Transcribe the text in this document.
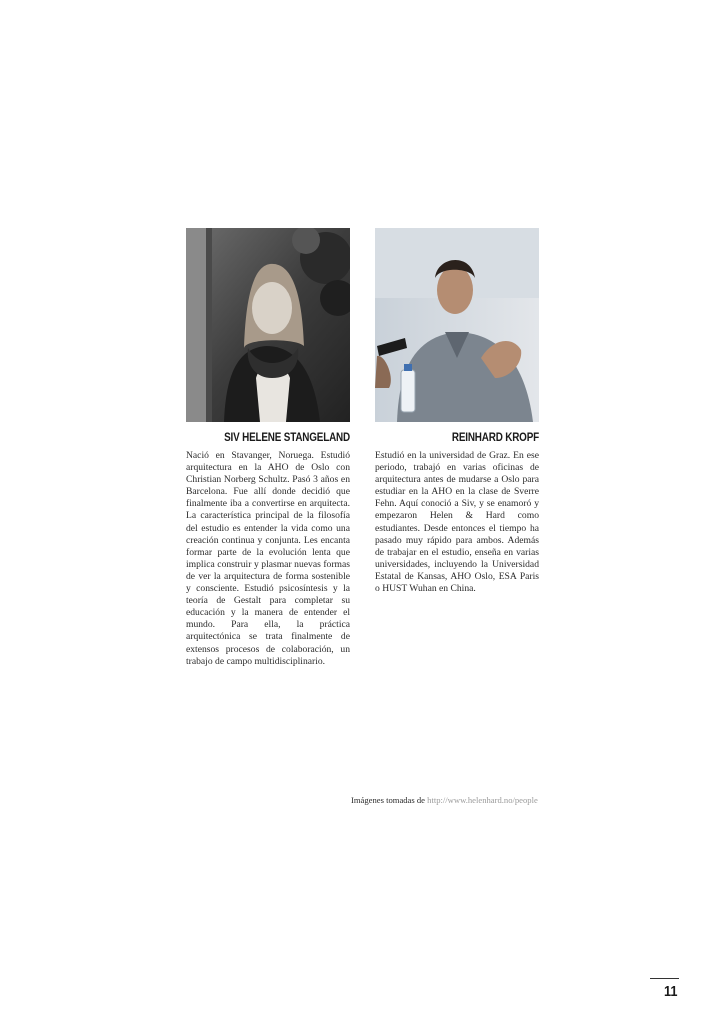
SIV HELENE STANGELAND
Nació en Stavanger, Noruega. Estudió arquitectura en la AHO de Oslo con Christian Norberg Schultz. Pasó 3 años en Barcelona. Fue allí donde decidió que finalmente iba a convertirse en arquitecta. La característica principal de la filosofía del estudio es entender la vida como una creación continua y conjunta. Les encanta formar parte de la evolución lenta que implica construir y plasmar nuevas formas de ver la arquitectura de forma sostenible y consciente. Estudió psicosíntesis y la teoría de Gestalt para completar su educación y la manera de entender el mundo. Para ella, la práctica arquitectónica se trata finalmente de extensos procesos de colaboración, un trabajo de campo multidisciplinario.
REINHARD KROPF
Estudió en la universidad de Graz. En ese periodo, trabajó en varias oficinas de arquitectura antes de mudarse a Oslo para estudiar en la AHO en la clase de Sverre Fehn. Aquí conoció a Siv, y se enamoró y empezaron Helen & Hard como estudiantes. Desde entonces el tiempo ha pasado muy rápido para ambos. Además de trabajar en el estudio, enseña en varias universidades, incluyendo la Universidad Estatal de Kansas, AHO Oslo, ESA Paris o HUST Wuhan en China.
Imágenes tomadas de http://www.helenhard.no/people
11
